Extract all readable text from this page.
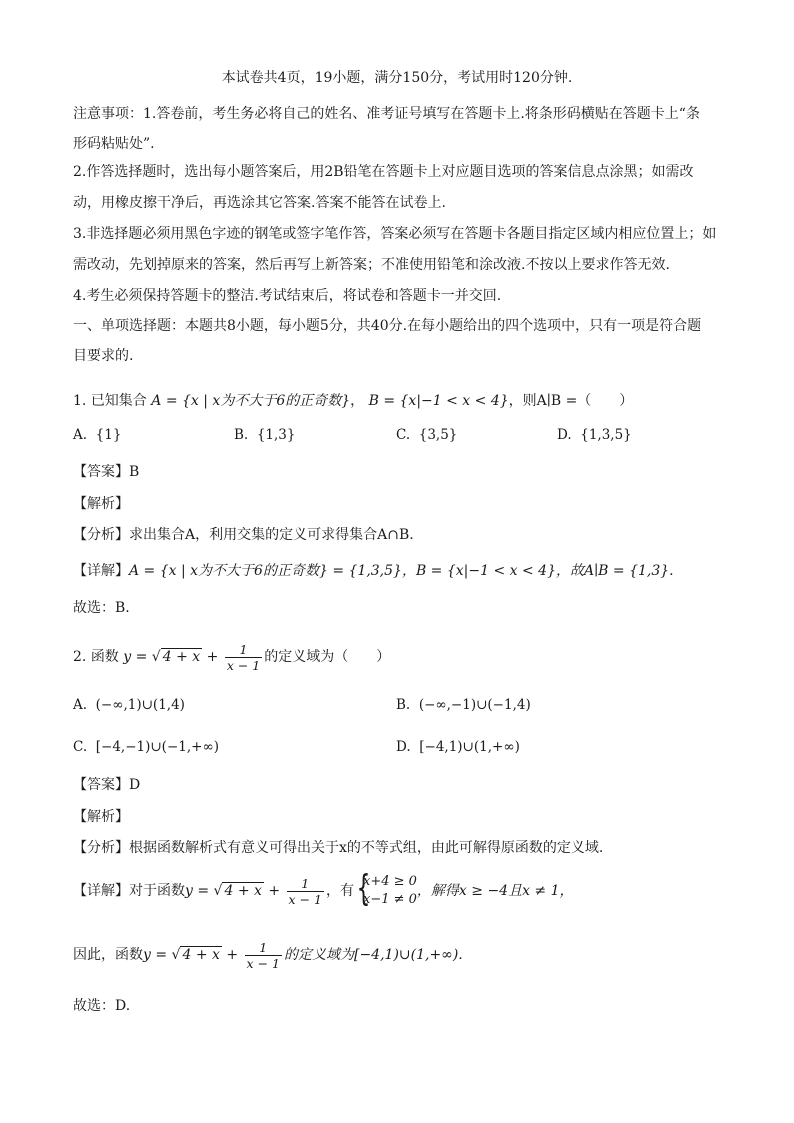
本试卷共4页，19小题，满分150分，考试用时120分钟.
注意事项：1.答卷前，考生务必将自己的姓名、准考证号填写在答题卡上.将条形码横贴在答题卡上“条
形码粘贴处”.
2.作答选择题时，选出每小题答案后，用2B铅笔在答题卡上对应题目选项的答案信息点涂黑；如需改
动，用橡皮擦干净后，再选涂其它答案.答案不能答在试卷上.
3.非选择题必须用黑色字迹的钢笔或签字笔作答，答案必须写在答题卡各题目指定区域内相应位置上；如
需改动，先划掉原来的答案，然后再写上新答案；不准使用铅笔和涂改液.不按以上要求作答无效.
4.考生必须保持答题卡的整洁.考试结束后，将试卷和答题卡一并交回.
一、单项选择题：本题共8小题，每小题5分，共40分.在每小题给出的四个选项中，只有一项是符合题
目要求的.
1. 已知集合 A = {x | x为不大于6的正奇数}， B = {x|−1 < x < 4}，则A∣B =（　　）
A. {1}	B. {1,3}	C. {3,5}	D. {1,3,5}
【答案】B
【解析】
【分析】求出集合A，利用交集的定义可求得集合A∩B.
【详解】A = {x | x为不大于6的正奇数} = {1,3,5}，B = {x|−1 < x < 4}，故A∣B = {1,3}.
故选：B.
2. 函数 y = √ $4 + x + \frac{1}{x - 1}$ 的定义域为（　　）
A. (−∞,1)∪(1,4)	B. (−∞,−1)∪(−1,4)
C. [−4,−1)∪(−1,+∞)	D. [−4,1)∪(1,+∞)
【答案】D
【解析】
【分析】根据函数解析式有意义可得出关于x的不等式组，由此可解得原函数的定义域.
【详解】对于函数y = √ $4 + x + \frac{1}{x - 1}$ ，有
{ x+4 ≥ 0
x−1 ≠ 0
，解得x ≥ −4且x ≠ 1，
因此，函数y = √ $4 + x + \frac{1}{x - 1}$ 的定义域为[−4,1)∪(1,+∞).
故选：D.
